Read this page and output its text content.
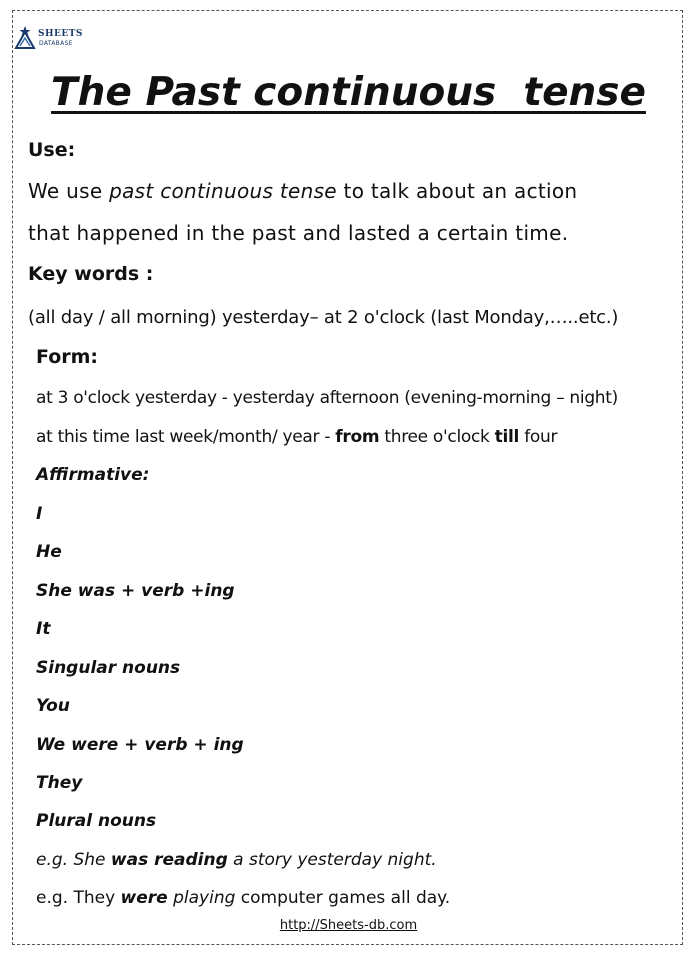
SHEETS
DATABASE
The Past continuous  tense
Use:
We use past continuous tense to talk about an action
that happened in the past and lasted a certain time.
Key words :
(all day / all morning) yesterday– at 2 o'clock (last Monday,…..etc.)
Form:
at 3 o'clock yesterday - yesterday afternoon (evening-morning – night)
at this time last week/month/ year - from three o'clock till four
Affirmative:
I
He
She was + verb +ing
It
Singular nouns
You
We were + verb + ing
They
Plural nouns
e.g. She was reading a story yesterday night.
e.g. They were playing computer games all day.
http://Sheets-db.com
